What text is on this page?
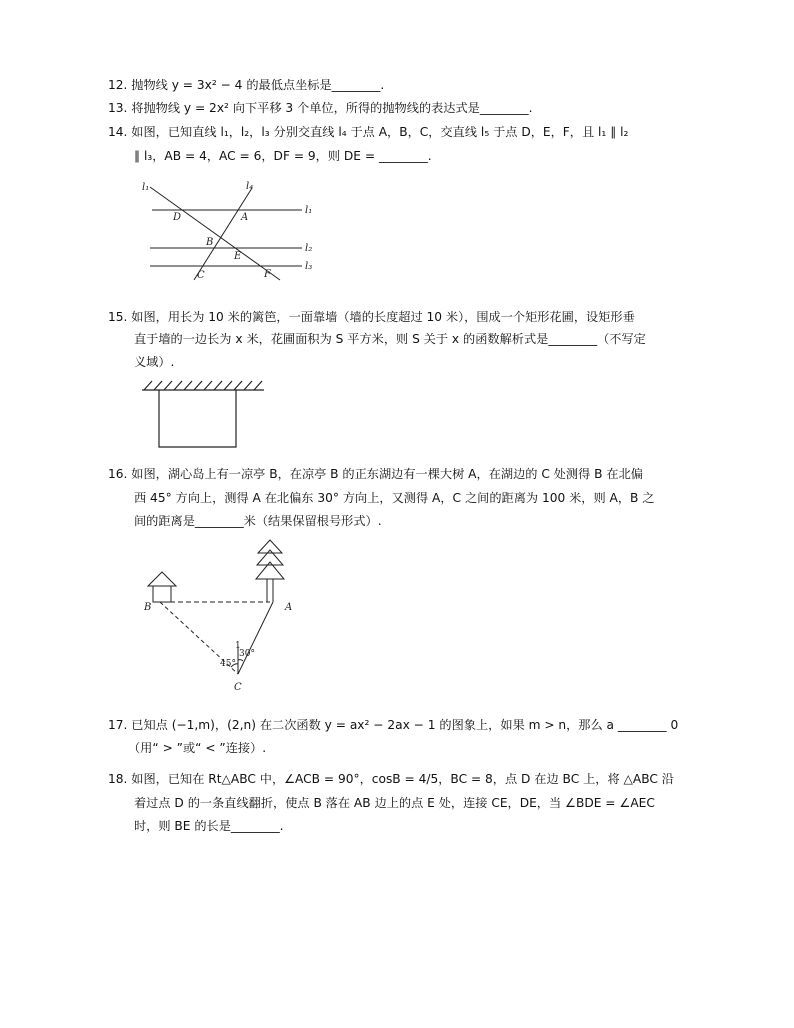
12. 抛物线 y = 3x² − 4 的最低点坐标是________.
13. 将抛物线 y = 2x² 向下平移 3 个单位，所得的抛物线的表达式是________.
14. 如图，已知直线 l₁，l₂，l₃ 分别交直线 l₄ 于点 A，B，C，交直线 l₅ 于点 D，E，F，且 l₁ ∥ l₂
∥ l₃，AB = 4，AC = 6，DF = 9，则 DE = ________.
l₁	l₄
l₁
l₂
l₃
D	A
B
E
C	F
15. 如图，用长为 10 米的篱笆，一面靠墙（墙的长度超过 10 米），围成一个矩形花圃，设矩形垂
直于墙的一边长为 x 米，花圃面积为 S 平方米，则 S 关于 x 的函数解析式是________（不写定
义域）.
16. 如图，湖心岛上有一凉亭 B，在凉亭 B 的正东湖边有一棵大树 A，在湖边的 C 处测得 B 在北偏
西 45° 方向上，测得 A 在北偏东 30° 方向上，又测得 A，C 之间的距离为 100 米，则 A，B 之
间的距离是________米（结果保留根号形式）.
B	A
C
1
30°
45°
17. 已知点 (−1,m)，(2,n) 在二次函数 y = ax² − 2ax − 1 的图象上，如果 m > n，那么 a ________ 0
（用“ > ”或“ < ”连接）.
18. 如图，已知在 Rt△ABC 中，∠ACB = 90°，cosB = 4/5，BC = 8，点 D 在边 BC 上，将 △ABC 沿
着过点 D 的一条直线翻折，使点 B 落在 AB 边上的点 E 处，连接 CE，DE，当 ∠BDE = ∠AEC
时，则 BE 的长是________.
